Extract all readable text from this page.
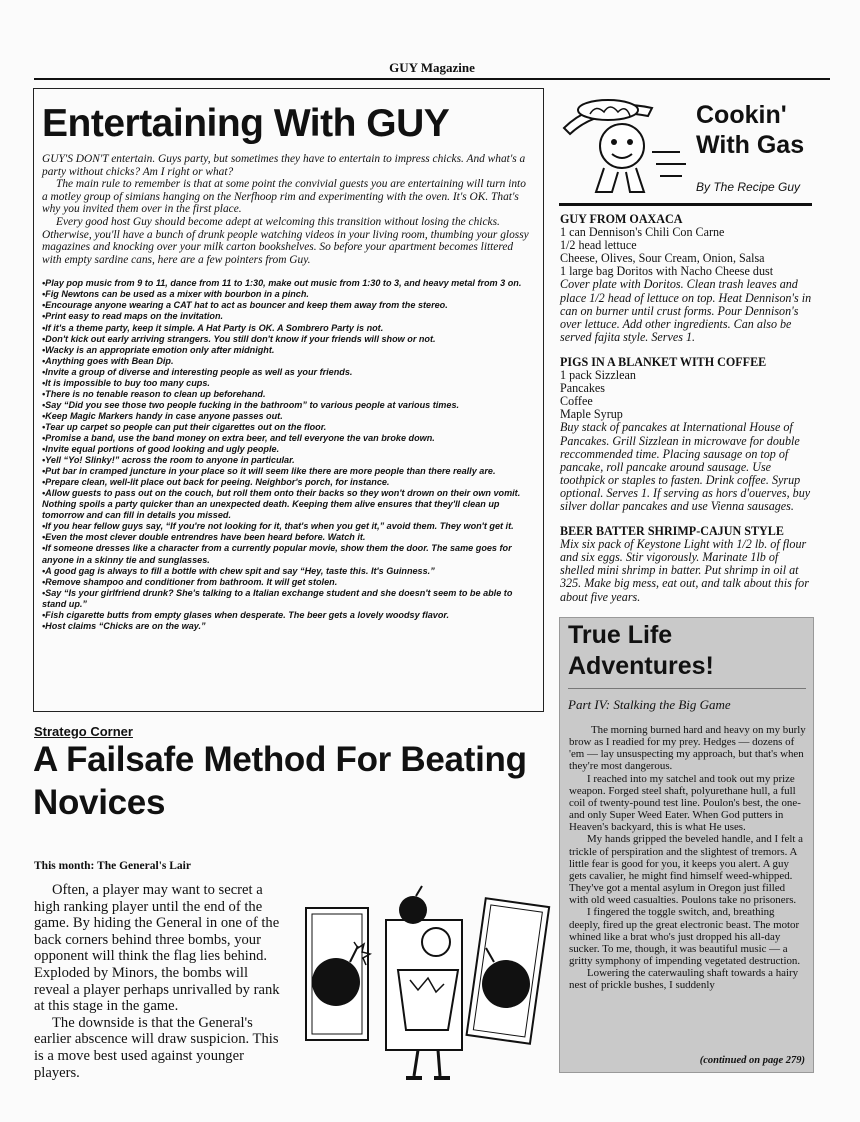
GUY Magazine
Entertaining With GUY

GUY'S DON'T entertain. Guys party, but sometimes they have to entertain to impress chicks. And what's a party without chicks? Am I right or what?

The main rule to remember is that at some point the convivial guests you are entertaining will turn into a motley group of simians hanging on the Nerfhoop rim and experimenting with the oven. It's OK. That's why you invited them over in the first place.

Every good host Guy should become adept at welcoming this transition without losing the chicks. Otherwise, you'll have a bunch of drunk people watching videos in your living room, thumbing your glossy magazines and knocking over your milk carton bookshelves. So before your apartment becomes littered with empty sardine cans, here are a few pointers from Guy.

•Play pop music from 9 to 11, dance from 11 to 1:30, make out music from 1:30 to 3, and heavy metal from 3 on.

•Fig Newtons can be used as a mixer with bourbon in a pinch.

•Encourage anyone wearing a CAT hat to act as bouncer and keep them away from the stereo.

•Print easy to read maps on the invitation.

•If it's a theme party, keep it simple. A Hat Party is OK. A Sombrero Party is not.

•Don't kick out early arriving strangers. You still don't know if your friends will show or not.

•Wacky is an appropriate emotion only after midnight.

•Anything goes with Bean Dip.

•Invite a group of diverse and interesting people as well as your friends.

•It is impossible to buy too many cups.

•There is no tenable reason to clean up beforehand.

•Say “Did you see those two people fucking in the bathroom” to various people at various times.

•Keep Magic Markers handy in case anyone passes out.

•Tear up carpet so people can put their cigarettes out on the floor.

•Promise a band, use the band money on extra beer, and tell everyone the van broke down.

•Invite equal portions of good looking and ugly people.

•Yell “Yo! Slinky!” across the room to anyone in particular.

•Put bar in cramped juncture in your place so it will seem like there are more people than there really are.

•Prepare clean, well-lit place out back for peeing. Neighbor's porch, for instance.

•Allow guests to pass out on the couch, but roll them onto their backs so they won't drown on their own vomit. Nothing spoils a party quicker than an unexpected death. Keeping them alive ensures that they'll clean up tomorrow and can fill in details you missed.

•If you hear fellow guys say, “If you're not looking for it, that's when you get it,” avoid them. They won't get it.

•Even the most clever double entrendres have been heard before. Watch it.

•If someone dresses like a character from a currently popular movie, show them the door. The same goes for anyone in a skinny tie and sunglasses.

•A good gag is always to fill a bottle with chew spit and say “Hey, taste this. It's Guinness.”

•Remove shampoo and conditioner from bathroom. It will get stolen.

•Say “Is your girlfriend drunk? She's talking to a Italian exchange student and she doesn't seem to be able to stand up.”

•Fish cigarette butts from empty glases when desperate. The beer gets a lovely woodsy flavor.

•Host claims “Chicks are on the way.”

Stratego Corner
A Failsafe Method For Beating Novices
This month: The General's Lair

Often, a player may want to secret a high ranking player until the end of the game. By hiding the General in one of the back corners behind three bombs, your opponent will think the flag lies behind. Exploded by Minors, the bombs will reveal a player perhaps unrivalled by rank at this stage in the game.

The downside is that the General's earlier abscence will draw suspicion. This is a move best used against younger players.

Cookin'
With Gas
By The Recipe Guy
GUY FROM OAXACA
1 can Dennison's Chili Con Carne
1/2 head lettuce
Cheese, Olives, Sour Cream, Onion, Salsa
1 large bag Doritos with Nacho Cheese dust
Cover plate with Doritos. Clean trash leaves and place 1/2 head of lettuce on top. Heat Dennison's in can on burner until crust forms. Pour Dennison's over lettuce. Add other ingredients. Can also be served fajita style. Serves 1.
PIGS IN A BLANKET WITH COFFEE
1 pack Sizzlean
Pancakes
Coffee
Maple Syrup
Buy stack of pancakes at International House of Pancakes. Grill Sizzlean in microwave for double reccommended time. Placing sausage on top of pancake, roll pancake around sausage. Use toothpick or staples to fasten. Drink coffee. Syrup optional. Serves 1. If serving as hors d'ouerves, buy silver dollar pancakes and use Vienna sausages.
BEER BATTER SHRIMP-CAJUN STYLE
Mix six pack of Keystone Light with 1/2 lb. of flour and six eggs. Stir vigorously. Marinate 1lb of shelled mini shrimp in batter. Put shrimp in oil at 325. Make big mess, eat out, and talk about this for about five years.
True Life
Adventures!
Part IV: Stalking the Big Game

The morning burned hard and heavy on my burly brow as I readied for my prey. Hedges — dozens of 'em — lay unsuspecting my approach, but that's when they're most dangerous.

I reached into my satchel and took out my prize weapon. Forged steel shaft, polyurethane hull, a full coil of twenty-pound test line. Poulon's best, the one-and only Super Weed Eater. When God putters in Heaven's backyard, this is what He uses.

My hands gripped the beveled handle, and I felt a trickle of perspiration and the slightest of tremors. A little fear is good for you, it keeps you alert. A guy gets cavalier, he might find himself weed-whipped. They've got a mental asylum in Oregon just filled with old weed casualties. Poulons take no prisoners.

I fingered the toggle switch, and, breathing deeply, fired up the great electronic beast. The motor whined like a brat who's just dropped his all-day sucker. To me, though, it was beautiful music — a gritty symphony of impending vegetated destruction.

Lowering the caterwauling shaft towards a hairy nest of prickle bushes, I suddenly

(continued on page 279)
